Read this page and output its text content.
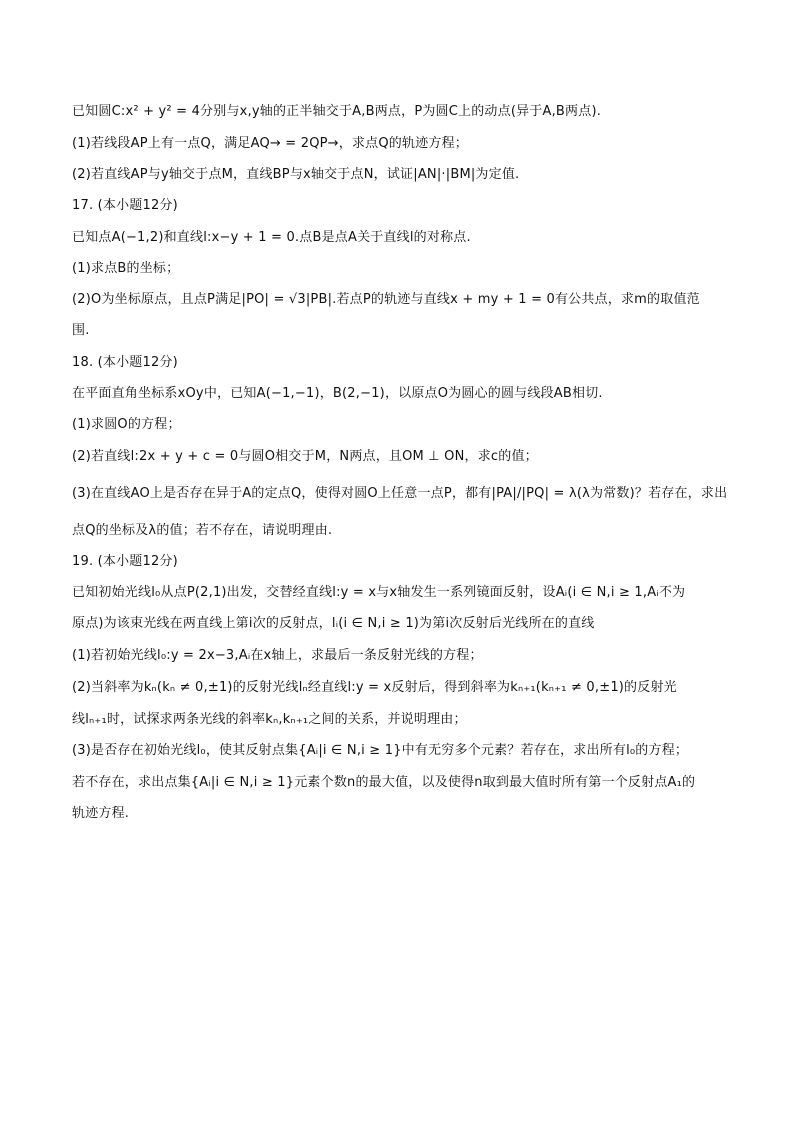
已知圆C:x² + y² = 4分别与x,y轴的正半轴交于A,B两点，P为圆C上的动点(异于A,B两点).
(1)若线段AP上有一点Q，满足AQ→ = 2QP→，求点Q的轨迹方程；
(2)若直线AP与y轴交于点M，直线BP与x轴交于点N，试证|AN|·|BM|为定值.
17. (本小题12分)
已知点A(−1,2)和直线l:x−y + 1 = 0.点B是点A关于直线l的对称点.
(1)求点B的坐标；
(2)O为坐标原点，且点P满足|PO| = √3|PB|.若点P的轨迹与直线x + my + 1 = 0有公共点，求m的取值范
围.
18. (本小题12分)
在平面直角坐标系xOy中，已知A(−1,−1)，B(2,−1)，以原点O为圆心的圆与线段AB相切.
(1)求圆O的方程；
(2)若直线l:2x + y + c = 0与圆O相交于M，N两点，且OM ⊥ ON，求c的值；
(3)在直线AO上是否存在异于A的定点Q，使得对圆O上任意一点P，都有|PA|/|PQ| = λ(λ为常数)？若存在，求出
点Q的坐标及λ的值；若不存在，请说明理由.
19. (本小题12分)
已知初始光线l₀从点P(2,1)出发，交替经直线l:y = x与x轴发生一系列镜面反射，设Aᵢ(i ∈ N,i ≥ 1,Aᵢ不为
原点)为该束光线在两直线上第i次的反射点，lᵢ(i ∈ N,i ≥ 1)为第i次反射后光线所在的直线
(1)若初始光线l₀:y = 2x−3,Aᵢ在x轴上，求最后一条反射光线的方程；
(2)当斜率为kₙ(kₙ ≠ 0,±1)的反射光线lₙ经直线l:y = x反射后，得到斜率为kₙ₊₁(kₙ₊₁ ≠ 0,±1)的反射光
线lₙ₊₁时，试探求两条光线的斜率kₙ,kₙ₊₁之间的关系，并说明理由；
(3)是否存在初始光线l₀，使其反射点集{Aᵢ|i ∈ N,i ≥ 1}中有无穷多个元素？若存在，求出所有l₀的方程；
若不存在，求出点集{Aᵢ|i ∈ N,i ≥ 1}元素个数n的最大值，以及使得n取到最大值时所有第一个反射点A₁的
轨迹方程.
